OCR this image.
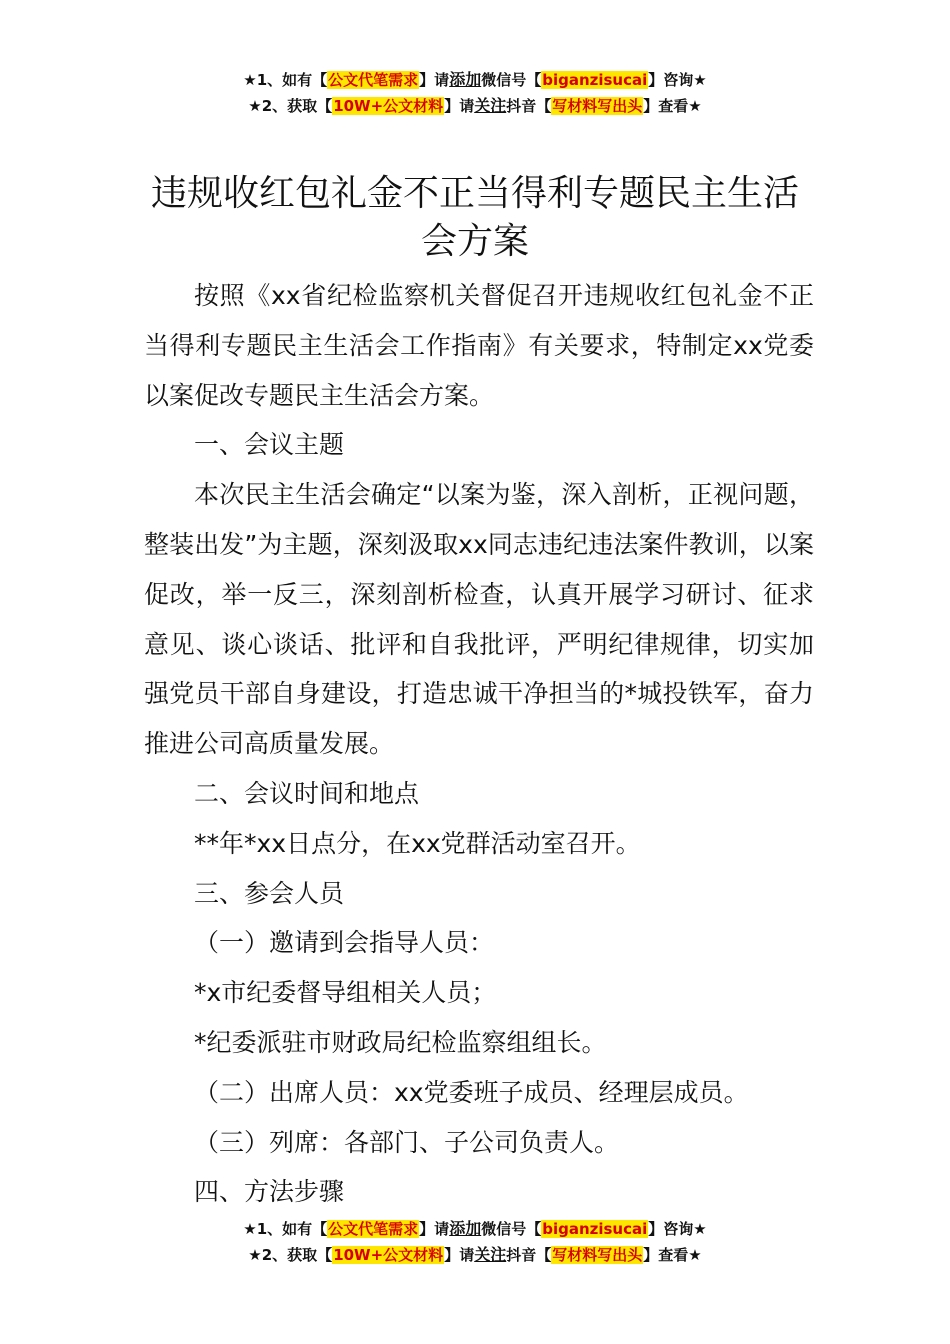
★1、如有【公文代笔需求】请添加微信号【biganzisucai】咨询★
★2、获取【10W+公文材料】请关注抖音【写材料写出头】查看★
违规收红包礼金不正当得利专题民主生活
会方案

按照《xx省纪检监察机关督促召开违规收红包礼金不正当得利专题民主生活会工作指南》有关要求，特制定xx党委以案促改专题民主生活会方案。

一、会议主题

本次民主生活会确定“以案为鉴，深入剖析，正视问题，整装出发”为主题，深刻汲取xx同志违纪违法案件教训，以案促改，举一反三，深刻剖析检查，认真开展学习研讨、征求意见、谈心谈话、批评和自我批评，严明纪律规律，切实加强党员干部自身建设，打造忠诚干净担当的*城投铁军，奋力推进公司高质量发展。

二、会议时间和地点

**年*xx日点分，在xx党群活动室召开。

三、参会人员

（一）邀请到会指导人员：

*x市纪委督导组相关人员；

*纪委派驻市财政局纪检监察组组长。

（二）出席人员：xx党委班子成员、经理层成员。

（三）列席：各部门、子公司负责人。

四、方法步骤

★1、如有【公文代笔需求】请添加微信号【biganzisucai】咨询★
★2、获取【10W+公文材料】请关注抖音【写材料写出头】查看★
